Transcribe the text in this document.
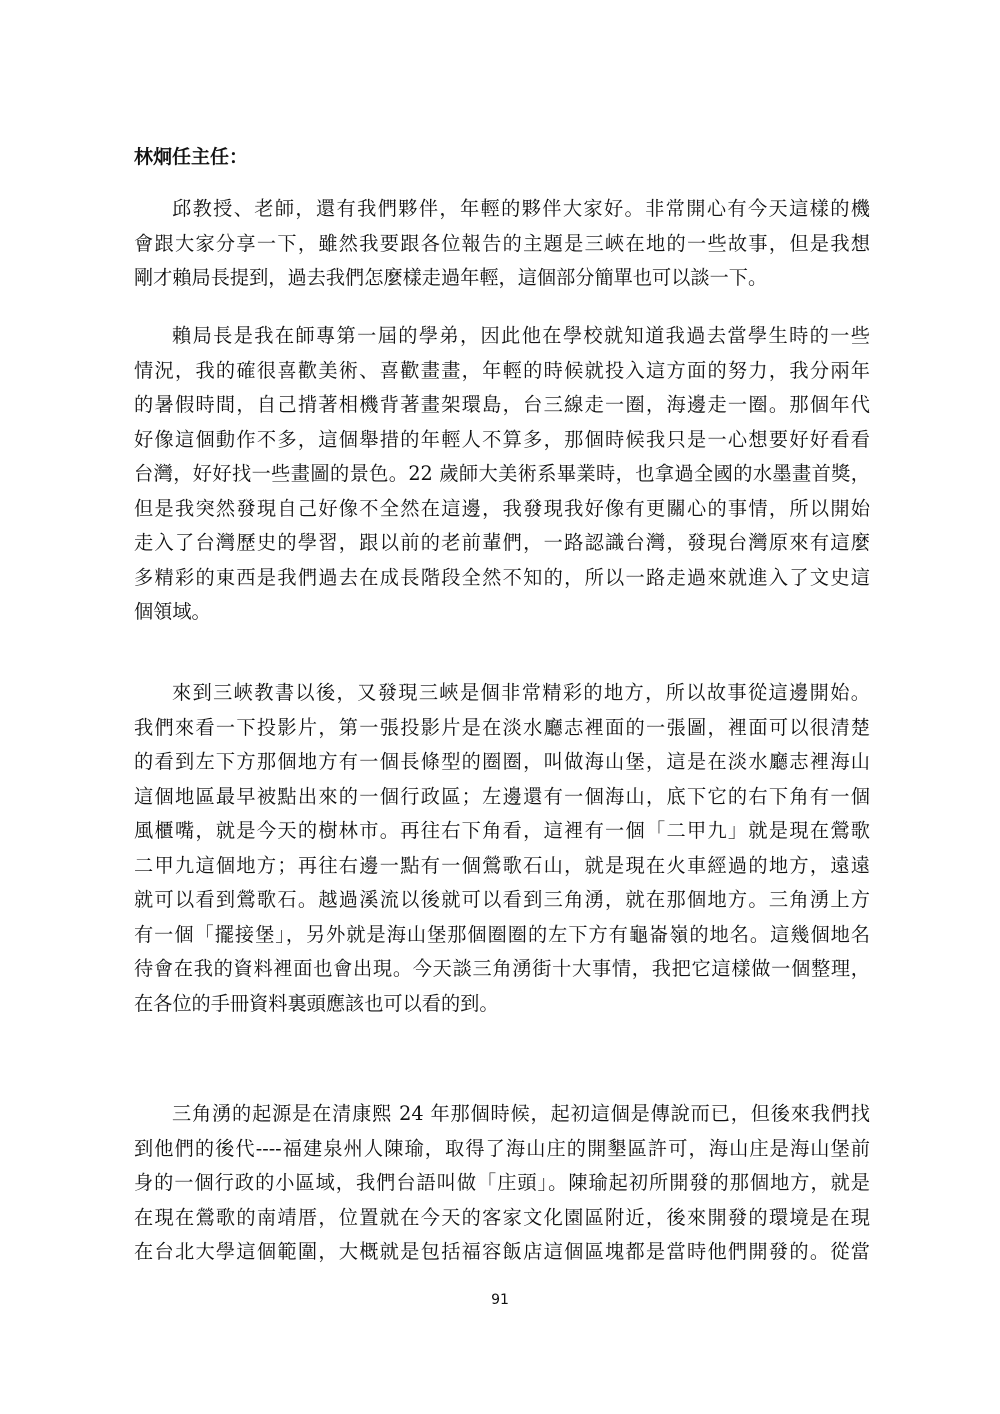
林炯任主任：

邱教授、老師，還有我們夥伴，年輕的夥伴大家好。非常開心有今天這樣的機
會跟大家分享一下，雖然我要跟各位報告的主題是三峽在地的一些故事，但是我想
剛才賴局長提到，過去我們怎麼樣走過年輕，這個部分簡單也可以談一下。
賴局長是我在師專第一屆的學弟，因此他在學校就知道我過去當學生時的一些
情況，我的確很喜歡美術、喜歡畫畫，年輕的時候就投入這方面的努力，我分兩年
的暑假時間，自己揹著相機背著畫架環島，台三線走一圈，海邊走一圈。那個年代
好像這個動作不多，這個舉措的年輕人不算多，那個時候我只是一心想要好好看看
台灣，好好找一些畫圖的景色。22 歲師大美術系畢業時，也拿過全國的水墨畫首獎，
但是我突然發現自己好像不全然在這邊，我發現我好像有更關心的事情，所以開始
走入了台灣歷史的學習，跟以前的老前輩們，一路認識台灣，發現台灣原來有這麼
多精彩的東西是我們過去在成長階段全然不知的，所以一路走過來就進入了文史這
個領域。
來到三峽教書以後，又發現三峽是個非常精彩的地方，所以故事從這邊開始。
我們來看一下投影片，第一張投影片是在淡水廳志裡面的一張圖，裡面可以很清楚
的看到左下方那個地方有一個長條型的圈圈，叫做海山堡，這是在淡水廳志裡海山
這個地區最早被點出來的一個行政區；左邊還有一個海山，底下它的右下角有一個
風櫃嘴，就是今天的樹林市。再往右下角看，這裡有一個「二甲九」就是現在鶯歌
二甲九這個地方；再往右邊一點有一個鶯歌石山，就是現在火車經過的地方，遠遠
就可以看到鶯歌石。越過溪流以後就可以看到三角湧，就在那個地方。三角湧上方
有一個「擺接堡」，另外就是海山堡那個圈圈的左下方有龜崙嶺的地名。這幾個地名
待會在我的資料裡面也會出現。今天談三角湧街十大事情，我把它這樣做一個整理，
在各位的手冊資料裏頭應該也可以看的到。
三角湧的起源是在清康熙 24 年那個時候，起初這個是傳說而已，但後來我們找
到他們的後代----福建泉州人陳瑜，取得了海山庄的開墾區許可，海山庄是海山堡前
身的一個行政的小區域，我們台語叫做「庄頭」。陳瑜起初所開發的那個地方，就是
在現在鶯歌的南靖厝，位置就在今天的客家文化園區附近，後來開發的環境是在現
在台北大學這個範圍，大概就是包括福容飯店這個區塊都是當時他們開發的。從當
91
